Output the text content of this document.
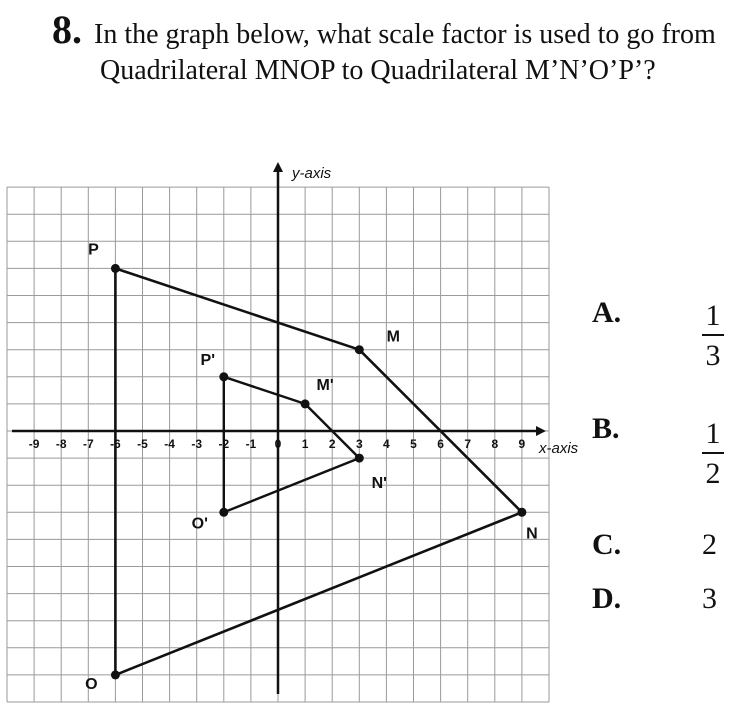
8. In the graph below, what scale factor is used to go from
Quadrilateral MNOP to Quadrilateral M’N’O’P’?
-9 -8 -7 -6 -5 -4 -3 -2 -1 0 1 2 3 4 5 6 7 8 9
M
N
O
P
M'
N'
O'
P'
y-axis
x-axis
A.	1
3
B.	1
2
C.	2
D.	3
